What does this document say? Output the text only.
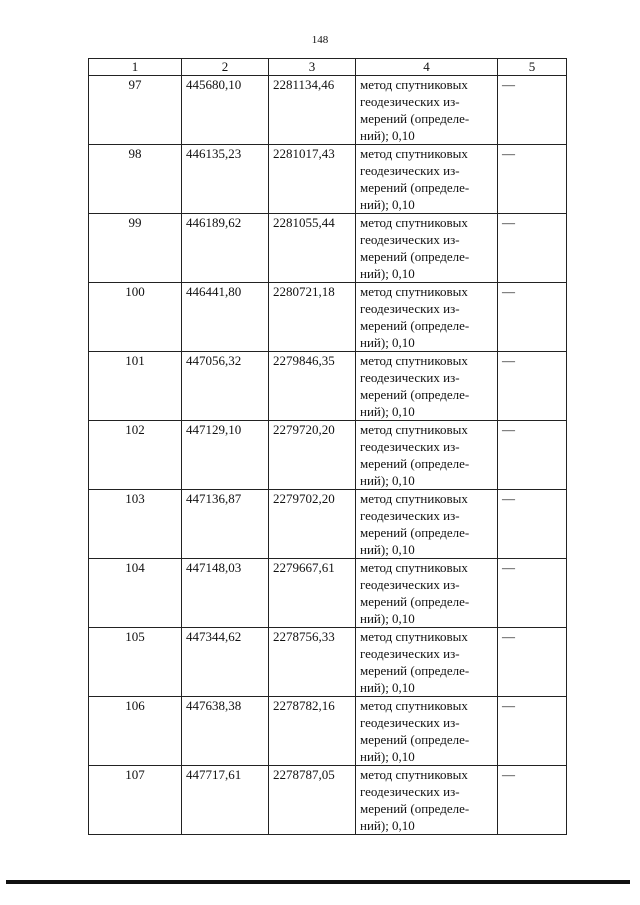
148
1	2	3	4	5
97	445680,10	2281134,46	метод спутниковых геодезических из-мерений (определе-ний); 0,10	—
98	446135,23	2281017,43	метод спутниковых геодезических из-мерений (определе-ний); 0,10	—
99	446189,62	2281055,44	метод спутниковых геодезических из-мерений (определе-ний); 0,10	—
100	446441,80	2280721,18	метод спутниковых геодезических из-мерений (определе-ний); 0,10	—
101	447056,32	2279846,35	метод спутниковых геодезических из-мерений (определе-ний); 0,10	—
102	447129,10	2279720,20	метод спутниковых геодезических из-мерений (определе-ний); 0,10	—
103	447136,87	2279702,20	метод спутниковых геодезических из-мерений (определе-ний); 0,10	—
104	447148,03	2279667,61	метод спутниковых геодезических из-мерений (определе-ний); 0,10	—
105	447344,62	2278756,33	метод спутниковых геодезических из-мерений (определе-ний); 0,10	—
106	447638,38	2278782,16	метод спутниковых геодезических из-мерений (определе-ний); 0,10	—
107	447717,61	2278787,05	метод спутниковых геодезических из-мерений (определе-ний); 0,10	—
